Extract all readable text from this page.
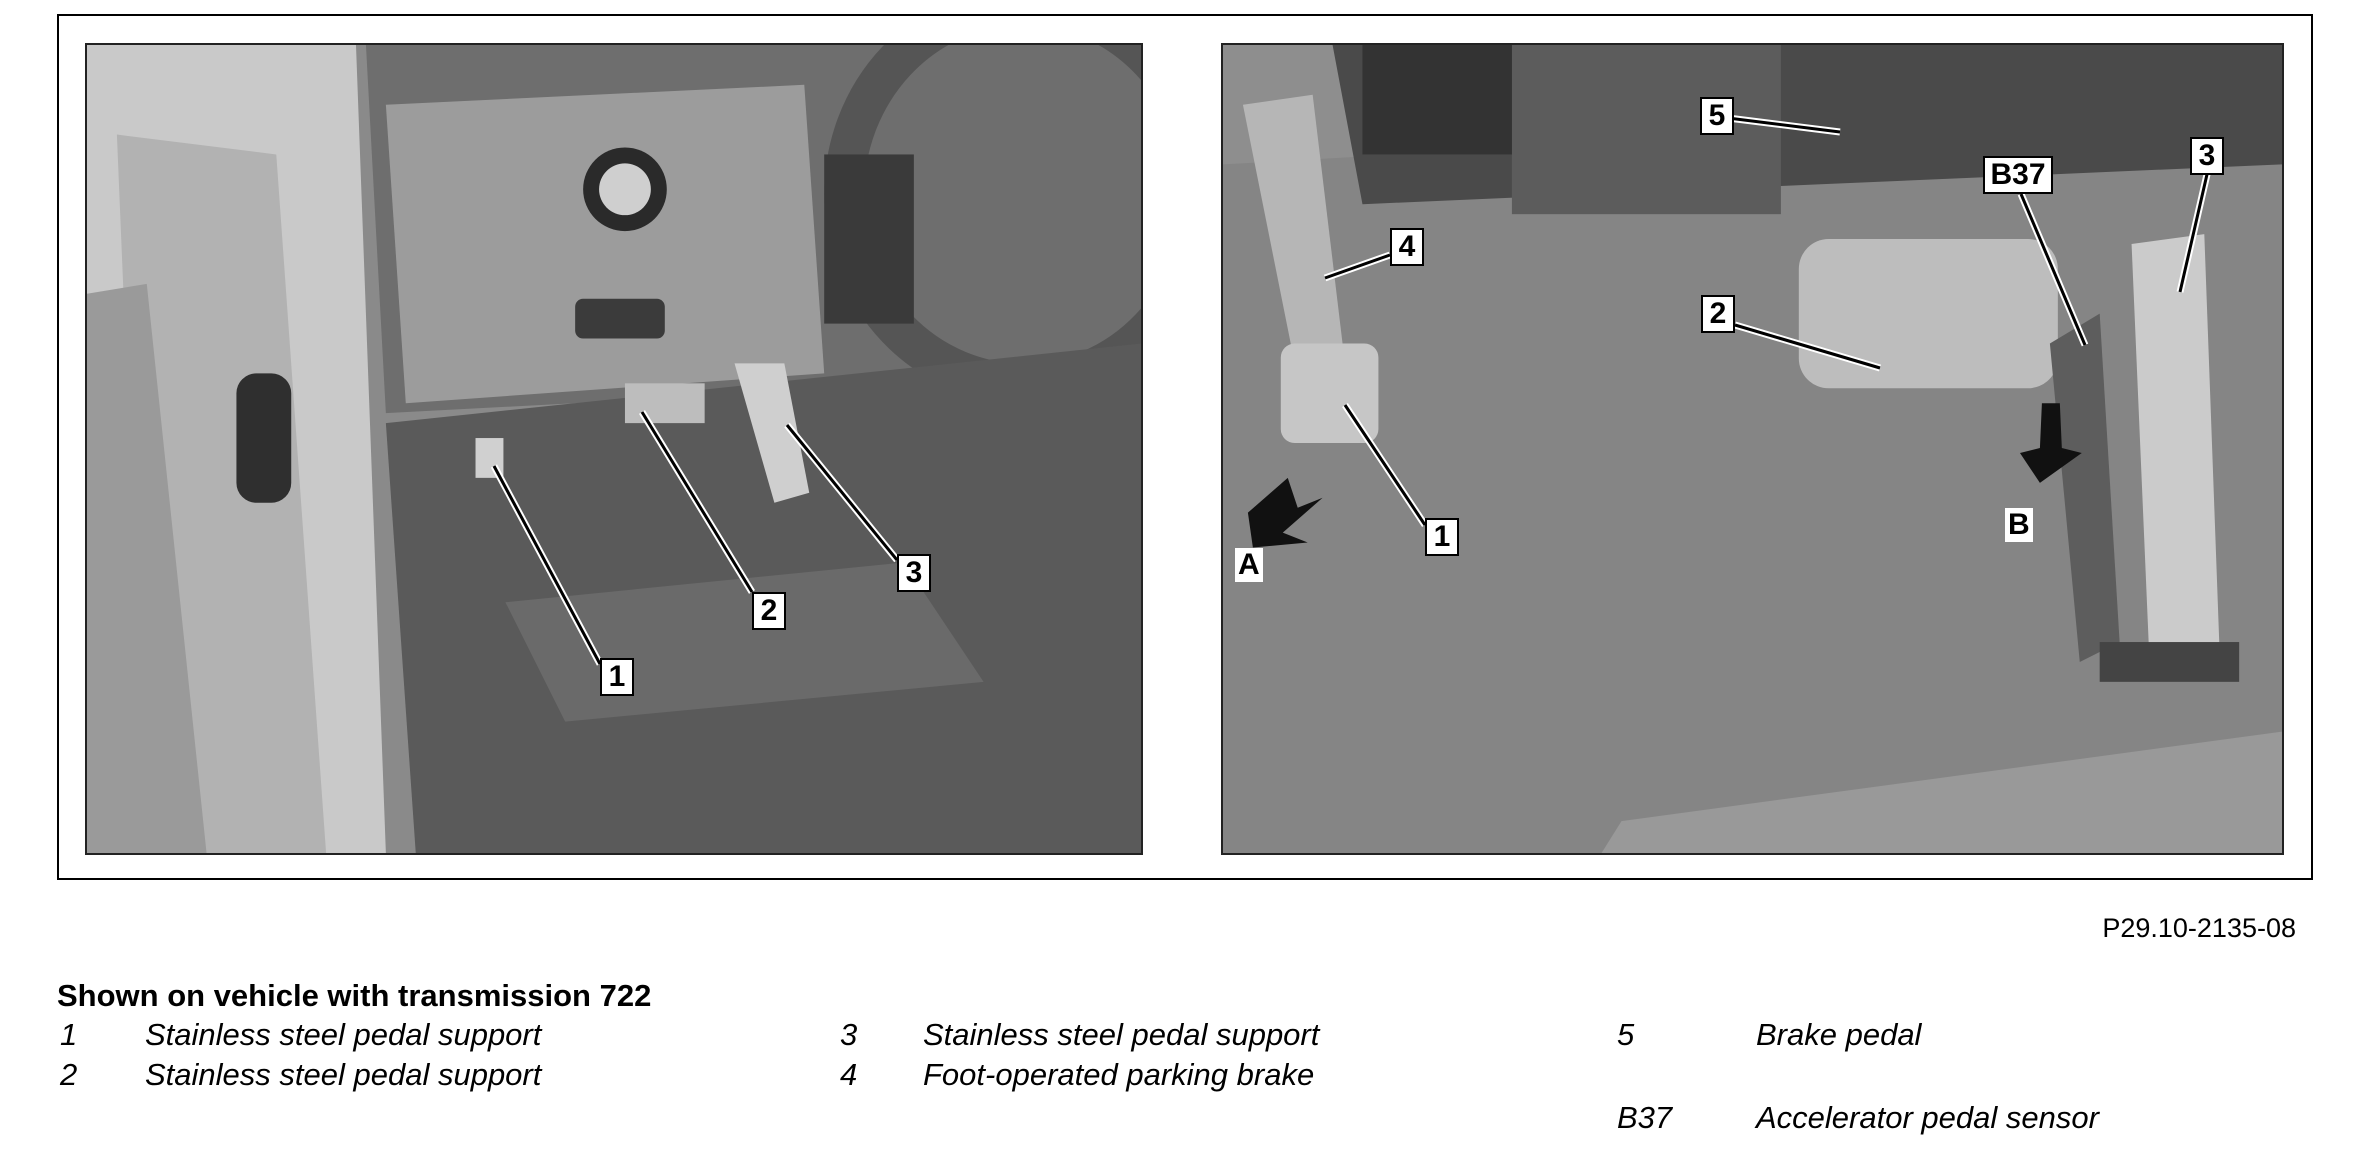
1
2
3
4
1
5
2
B37
3
A
B
P29.10-2135-08
Shown on vehicle with transmission 722
1 Stainless steel pedal support
2 Stainless steel pedal support
3 Stainless steel pedal support
4 Foot-operated parking brake
5	Brake pedal
B37	Accelerator pedal sensor
